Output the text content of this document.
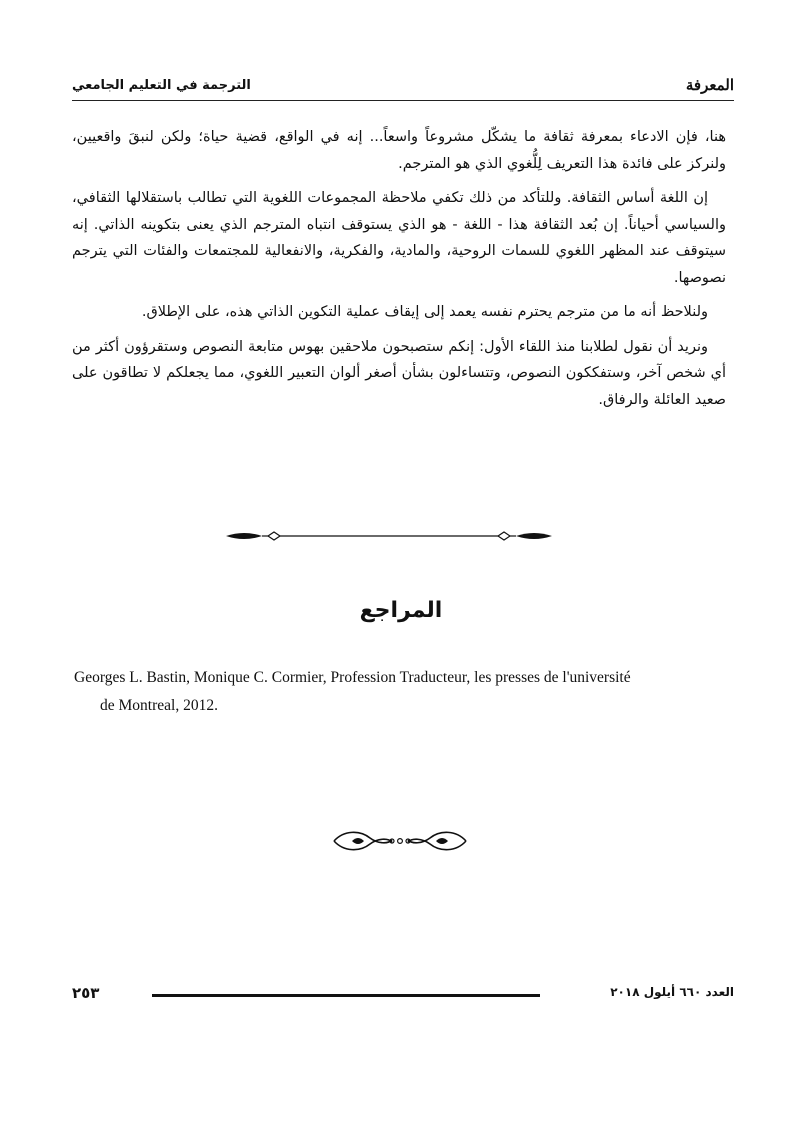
الترجمة في التعليم الجامعي	المعرفة

هنا، فإن الادعاء بمعرفة ثقافة ما يشكّل مشروعاً واسعاً... إنه في الواقع، قضية حياة؛ ولكن لنبقَ واقعيين، ولنركز على فائدة هذا التعريف لِلُّغوي الذي هو المترجم.

إن اللغة أساس الثقافة. وللتأكد من ذلك تكفي ملاحظة المجموعات اللغوية التي تطالب باستقلالها الثقافي، والسياسي أحياناً. إن بُعد الثقافة هذا - اللغة - هو الذي يستوقف انتباه المترجم الذي يعنى بتكوينه الذاتي. إنه سيتوقف عند المظهر اللغوي للسمات الروحية، والمادية، والفكرية، والانفعالية للمجتمعات والفئات التي يترجم نصوصها.

ولنلاحظ أنه ما من مترجم يحترم نفسه يعمد إلى إيقاف عملية التكوين الذاتي هذه، على الإطلاق.

ونريد أن نقول لطلابنا منذ اللقاء الأول: إنكم ستصبحون ملاحقين بهوس متابعة النصوص وستقرؤون أكثر من أي شخص آخر، وستفككون النصوص، وتتساءلون بشأن أصغر ألوان التعبير اللغوي، مما يجعلكم لا تطاقون على صعيد العائلة والرفاق.

المراجع
Georges L. Bastin, Monique C. Cormier, Profession Traducteur, les presses de l'université
de Montreal, 2012.
٢٥٣	العدد ٦٦٠ أيلول ٢٠١٨
